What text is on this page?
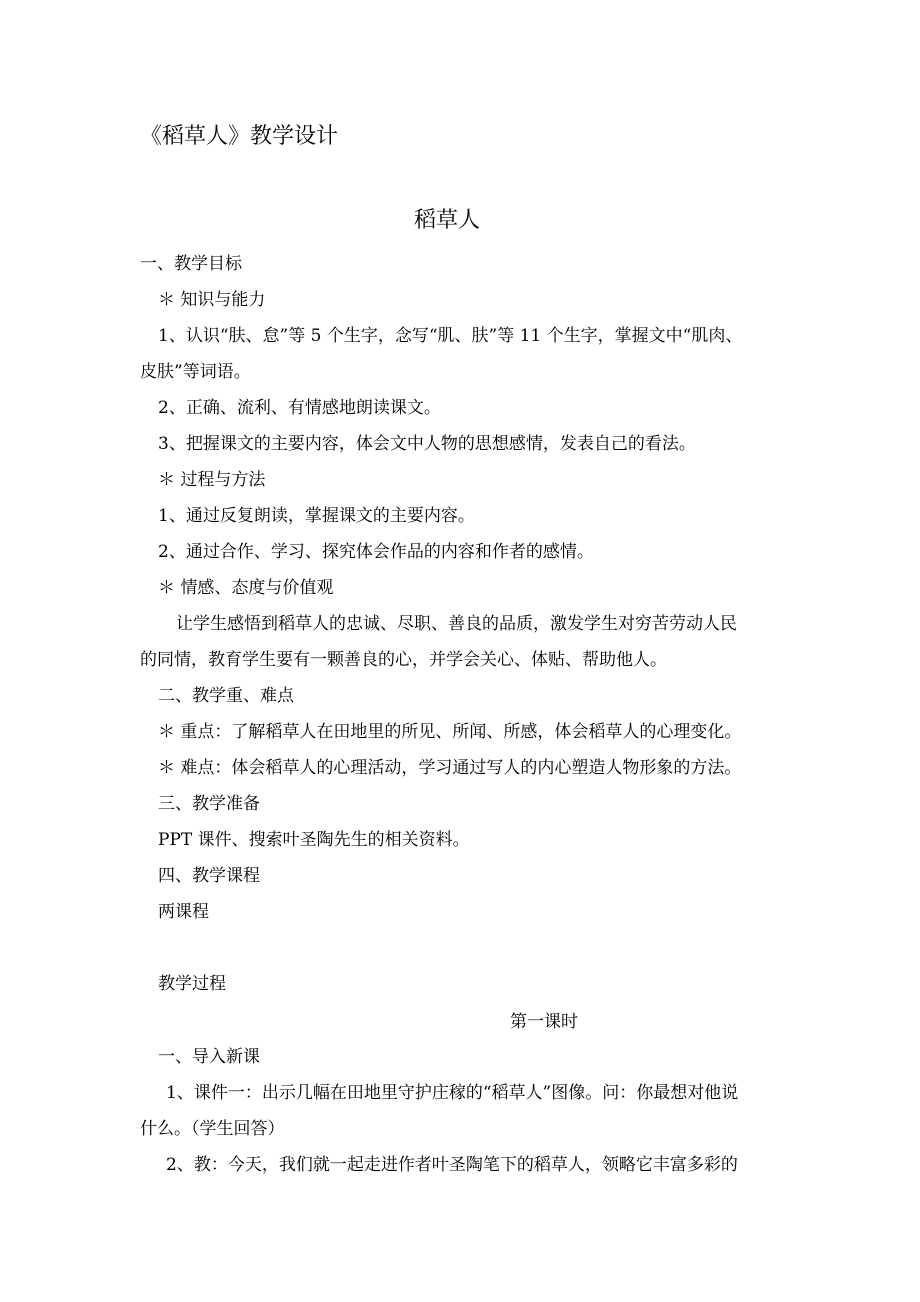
《稻草人》教学设计
稻草人
一、教学目标
＊ 知识与能力
1、认识“肤、怠”等 5 个生字，念写“肌、肤”等 11 个生字，掌握文中“肌肉、
皮肤”等词语。
2、正确、流利、有情感地朗读课文。
3、把握课文的主要内容，体会文中人物的思想感情，发表自己的看法。
＊ 过程与方法
1、通过反复朗读，掌握课文的主要内容。
2、通过合作、学习、探究体会作品的内容和作者的感情。
＊ 情感、态度与价值观
让学生感悟到稻草人的忠诚、尽职、善良的品质，激发学生对穷苦劳动人民
的同情，教育学生要有一颗善良的心，并学会关心、体贴、帮助他人。
二、教学重、难点
＊ 重点：了解稻草人在田地里的所见、所闻、所感，体会稻草人的心理变化。
＊ 难点：体会稻草人的心理活动，学习通过写人的内心塑造人物形象的方法。
三、教学准备
PPT 课件、搜索叶圣陶先生的相关资料。
四、教学课程
两课程
教学过程
第一课时
一、导入新课
1、课件一：出示几幅在田地里守护庄稼的“稻草人”图像。问：你最想对他说
什么。（学生回答）
2、教：今天，我们就一起走进作者叶圣陶笔下的稻草人，领略它丰富多彩的
